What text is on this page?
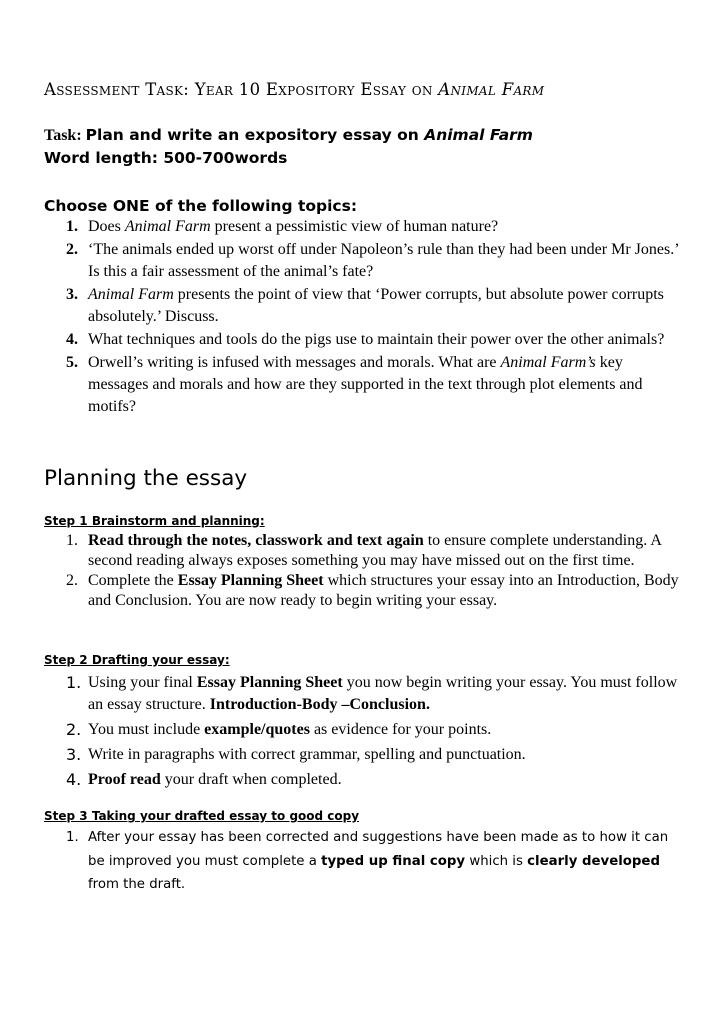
Assessment Task: Year 10 Expository Essay on Animal Farm
Task: Plan and write an expository essay on Animal Farm
Word length: 500-700words
Choose ONE of the following topics:
1. Does Animal Farm present a pessimistic view of human nature?
2. ‘The animals ended up worst off under Napoleon’s rule than they had been under Mr Jones.’ Is this a fair assessment of the animal’s fate?
3. Animal Farm presents the point of view that ‘Power corrupts, but absolute power corrupts absolutely.’ Discuss.
4. What techniques and tools do the pigs use to maintain their power over the other animals?
5. Orwell’s writing is infused with messages and morals. What are Animal Farm’s key messages and morals and how are they supported in the text through plot elements and motifs?
Planning the essay
Step 1 Brainstorm and planning:
1. Read through the notes, classwork and text again to ensure complete understanding. A second reading always exposes something you may have missed out on the first time.
2. Complete the Essay Planning Sheet which structures your essay into an Introduction, Body and Conclusion. You are now ready to begin writing your essay.
Step 2 Drafting your essay:
1. Using your final Essay Planning Sheet you now begin writing your essay. You must follow an essay structure. Introduction-Body –Conclusion.
2. You must include example/quotes as evidence for your points.
3. Write in paragraphs with correct grammar, spelling and punctuation.
4. Proof read your draft when completed.
Step 3 Taking your drafted essay to good copy
1. After your essay has been corrected and suggestions have been made as to how it can be improved you must complete a typed up final copy which is clearly developed from the draft.
